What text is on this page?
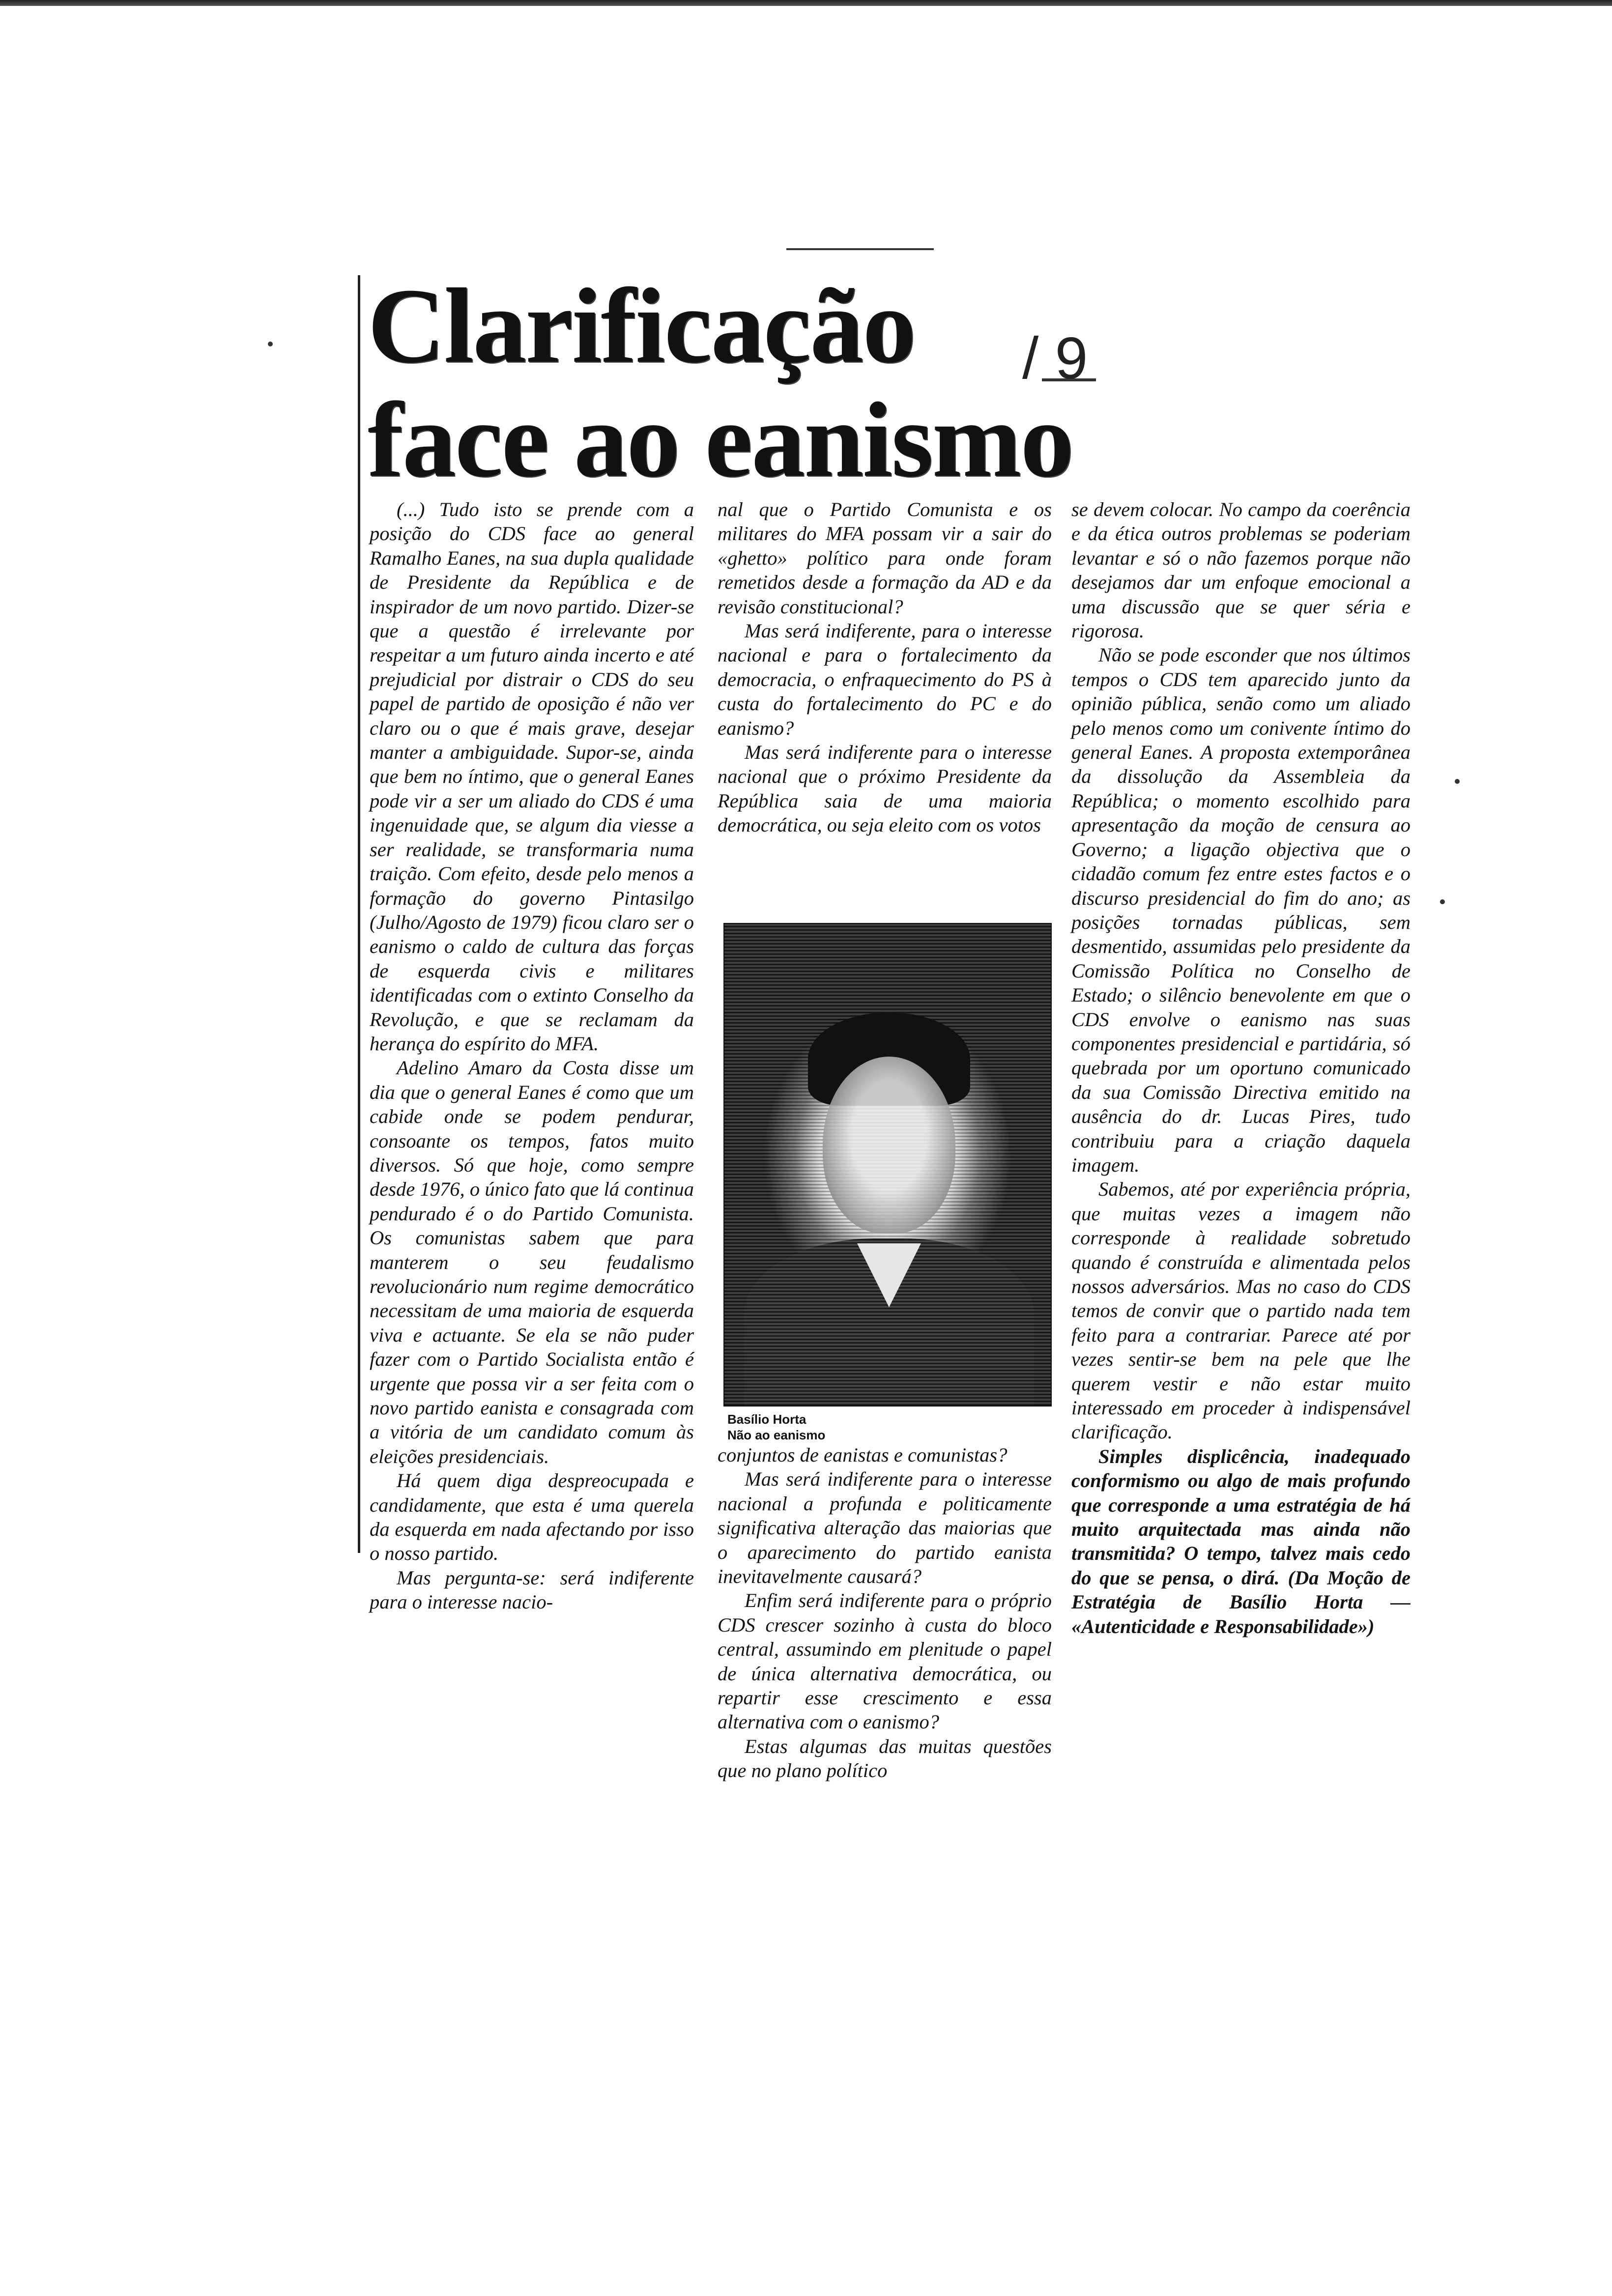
Clarificação
face ao eanismo
/ 9

(...) Tudo isto se prende com a posição do CDS face ao general Ramalho Eanes, na sua dupla qualidade de Presidente da República e de inspirador de um novo partido. Dizer-se que a questão é irrelevante por respeitar a um futuro ainda incerto e até prejudicial por distrair o CDS do seu papel de partido de oposição é não ver claro ou o que é mais grave, desejar manter a ambiguidade. Supor-se, ainda que bem no íntimo, que o general Eanes pode vir a ser um aliado do CDS é uma ingenuidade que, se algum dia viesse a ser realidade, se transformaria numa traição. Com efeito, desde pelo menos a formação do governo Pintasilgo (Julho/Agosto de 1979) ficou claro ser o eanismo o caldo de cultura das forças de esquerda civis e militares identificadas com o extinto Conselho da Revolução, e que se reclamam da herança do espírito do MFA.

Adelino Amaro da Costa disse um dia que o general Eanes é como que um cabide onde se podem pendurar, consoante os tempos, fatos muito diversos. Só que hoje, como sempre desde 1976, o único fato que lá continua pendurado é o do Partido Comunista. Os comunistas sabem que para manterem o seu feudalismo revolucionário num regime democrático necessitam de uma maioria de esquerda viva e actuante. Se ela se não puder fazer com o Partido Socialista então é urgente que possa vir a ser feita com o novo partido eanista e consagrada com a vitória de um candidato comum às eleições presidenciais.

Há quem diga despreocupada e candidamente, que esta é uma querela da esquerda em nada afectando por isso o nosso partido.

Mas pergunta-se: será indiferente para o interesse nacio-

nal que o Partido Comunista e os militares do MFA possam vir a sair do «ghetto» político para onde foram remetidos desde a formação da AD e da revisão constitucional?

Mas será indiferente, para o interesse nacional e para o fortalecimento da democracia, o enfraquecimento do PS à custa do fortalecimento do PC e do eanismo?

Mas será indiferente para o interesse nacional que o próximo Presidente da República saia de uma maioria democrática, ou seja eleito com os votos

Basílio Horta
Não ao eanismo

conjuntos de eanistas e comunistas?

Mas será indiferente para o interesse nacional a profunda e politicamente significativa alteração das maiorias que o aparecimento do partido eanista inevitavelmente causará?

Enfim será indiferente para o próprio CDS crescer sozinho à custa do bloco central, assumindo em plenitude o papel de única alternativa democrática, ou repartir esse crescimento e essa alternativa com o eanismo?

Estas algumas das muitas questões que no plano político

se devem colocar. No campo da coerência e da ética outros problemas se poderiam levantar e só o não fazemos porque não desejamos dar um enfoque emocional a uma discussão que se quer séria e rigorosa.

Não se pode esconder que nos últimos tempos o CDS tem aparecido junto da opinião pública, senão como um aliado pelo menos como um conivente íntimo do general Eanes. A proposta extemporânea da dissolução da Assembleia da República; o momento escolhido para apresentação da moção de censura ao Governo; a ligação objectiva que o cidadão comum fez entre estes factos e o discurso presidencial do fim do ano; as posições tornadas públicas, sem desmentido, assumidas pelo presidente da Comissão Política no Conselho de Estado; o silêncio benevolente em que o CDS envolve o eanismo nas suas componentes presidencial e partidária, só quebrada por um oportuno comunicado da sua Comissão Directiva emitido na ausência do dr. Lucas Pires, tudo contribuiu para a criação daquela imagem.

Sabemos, até por experiência própria, que muitas vezes a imagem não corresponde à realidade sobretudo quando é construída e alimentada pelos nossos adversários. Mas no caso do CDS temos de convir que o partido nada tem feito para a contrariar. Parece até por vezes sentir-se bem na pele que lhe querem vestir e não estar muito interessado em proceder à indispensável clarificação.

Simples displicência, inadequado conformismo ou algo de mais profundo que corresponde a uma estratégia de há muito arquitectada mas ainda não transmitida? O tempo, talvez mais cedo do que se pensa, o dirá. (Da Moção de Estratégia de Basílio Horta — «Autenticidade e Responsabilidade»)
